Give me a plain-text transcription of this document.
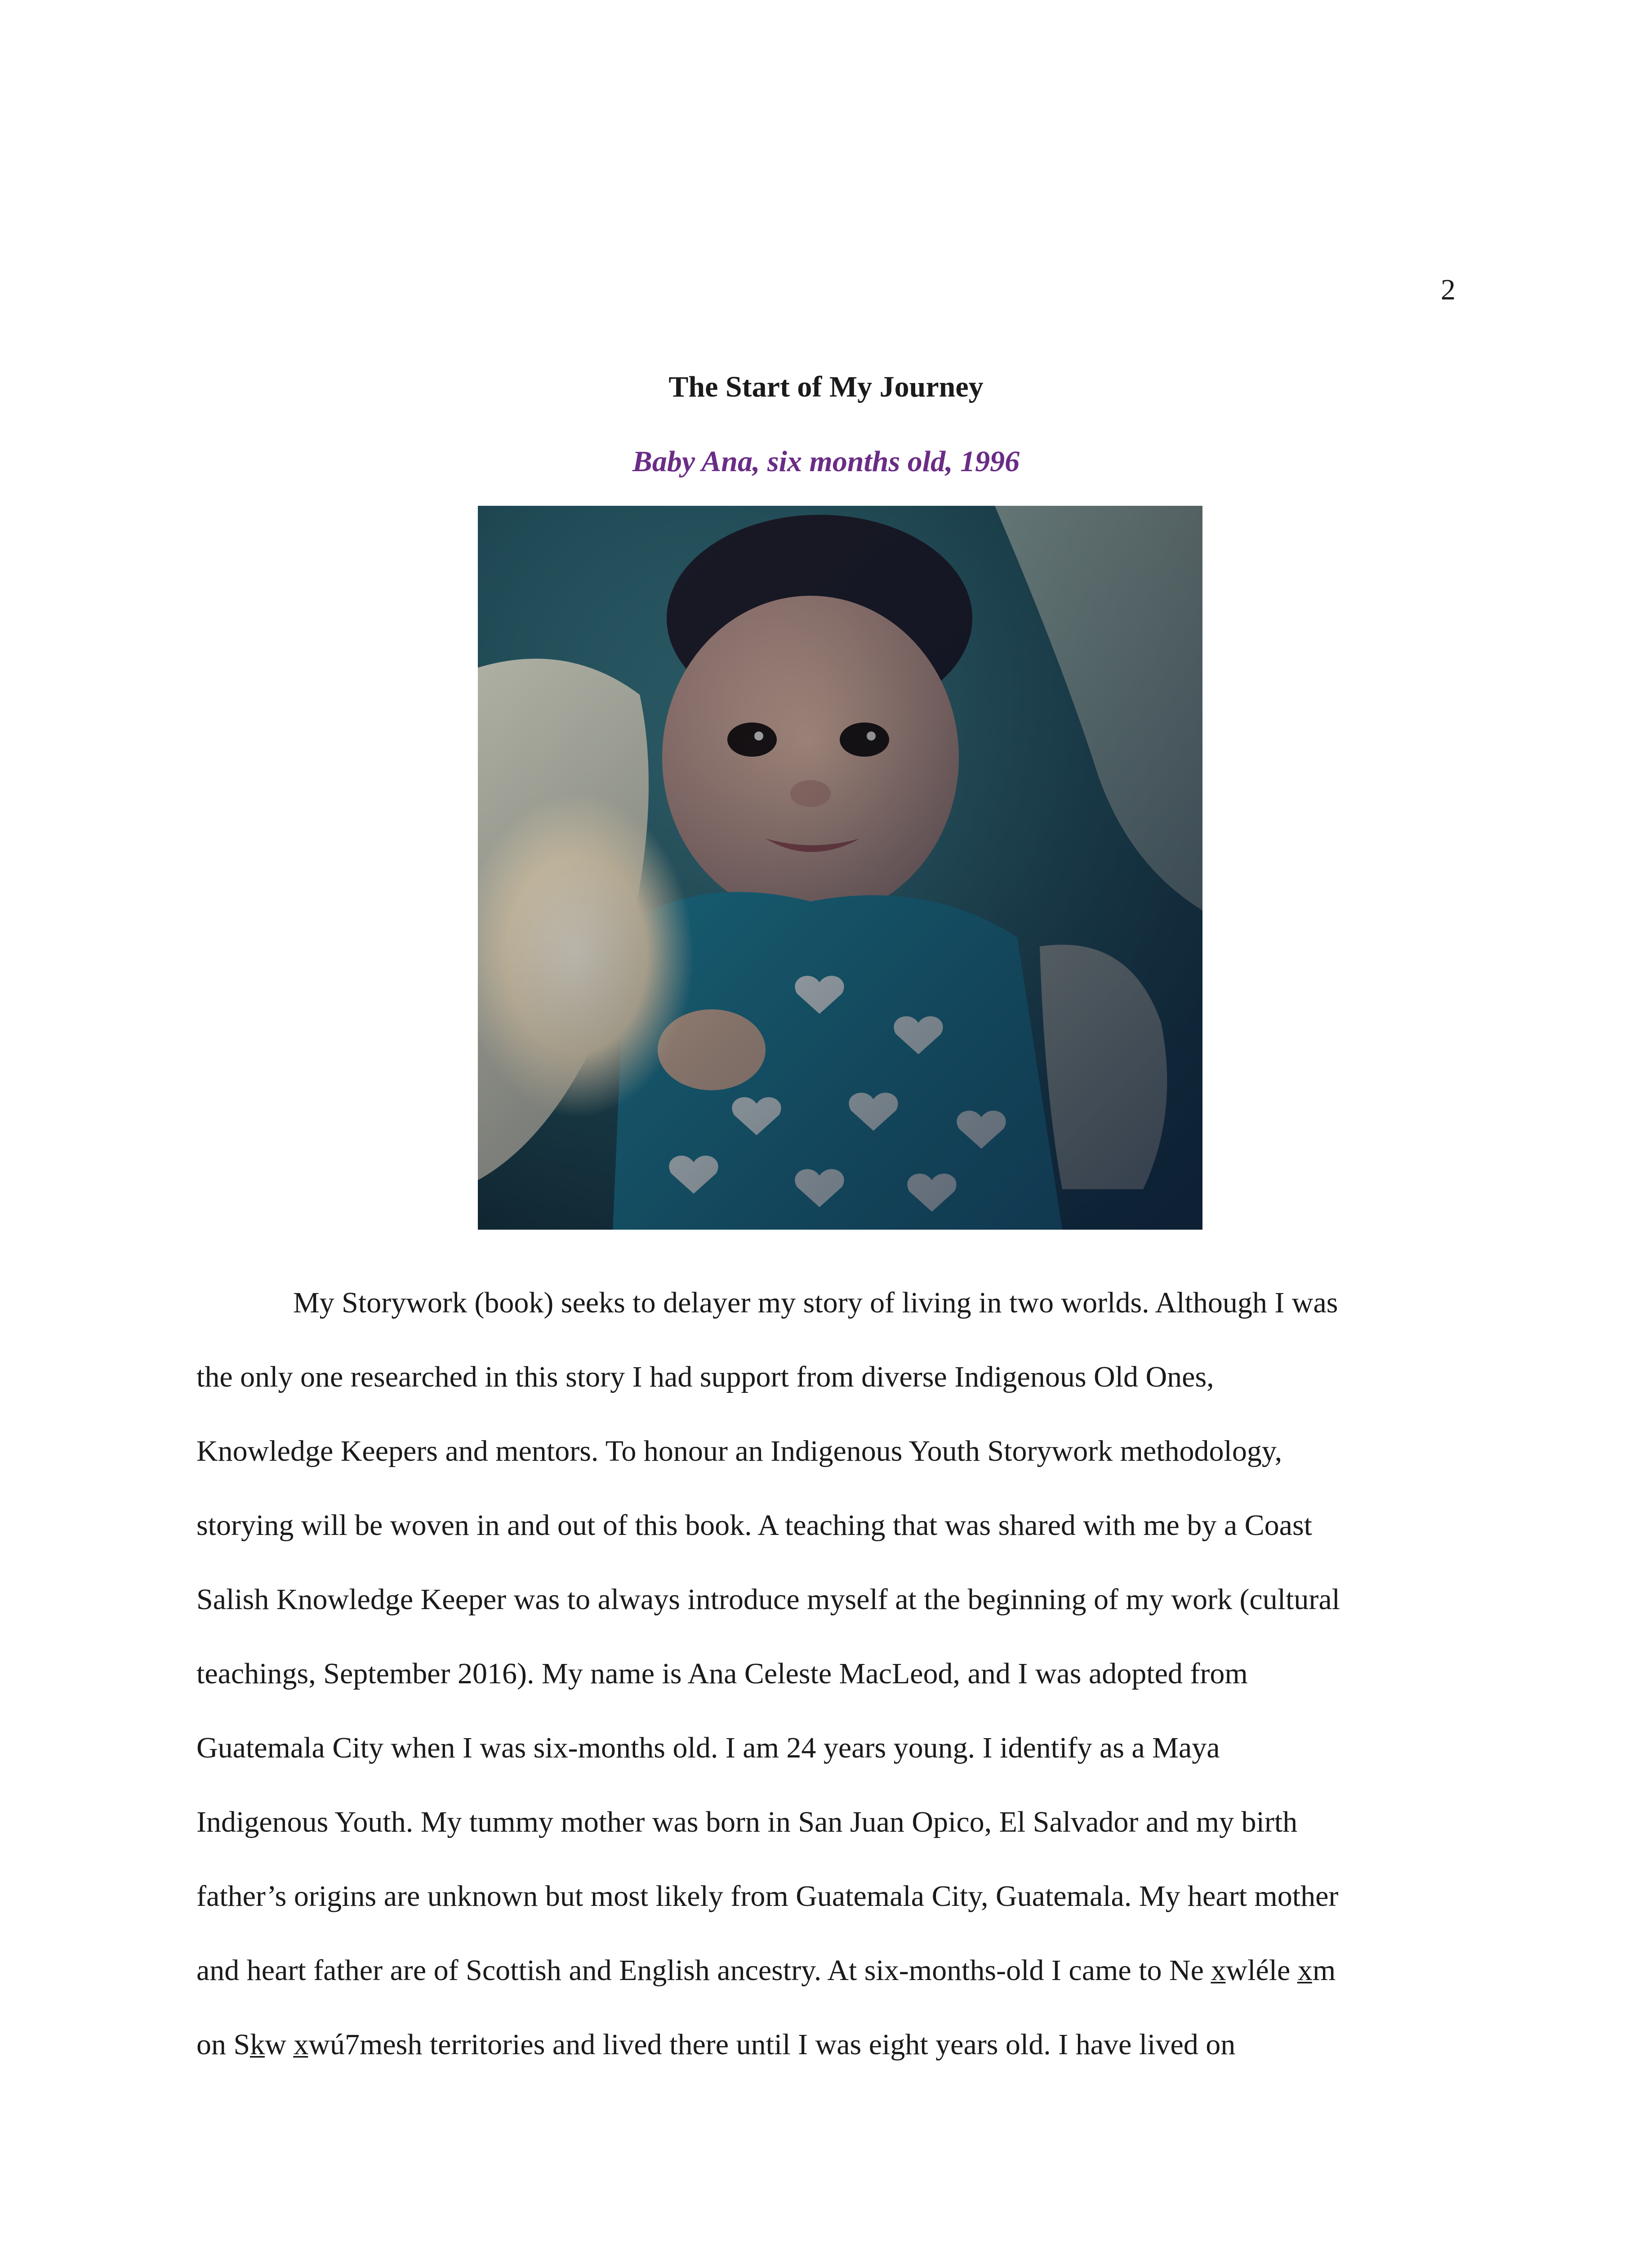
2
The Start of My Journey
Baby Ana, six months old, 1996
My Storywork (book) seeks to delayer my story of living in two worlds. Although I was
the only one researched in this story I had support from diverse Indigenous Old Ones,
Knowledge Keepers and mentors. To honour an Indigenous Youth Storywork methodology,
storying will be woven in and out of this book. A teaching that was shared with me by a Coast
Salish Knowledge Keeper was to always introduce myself at the beginning of my work (cultural
teachings, September 2016). My name is Ana Celeste MacLeod, and I was adopted from
Guatemala City when I was six-months old. I am 24 years young. I identify as a Maya
Indigenous Youth. My tummy mother was born in San Juan Opico, El Salvador and my birth
father’s origins are unknown but most likely from Guatemala City, Guatemala. My heart mother
and heart father are of Scottish and English ancestry. At six-months-old I came to Ne x̲wléle x̲m
on Sk̲w x̲wú7mesh territories and lived there until I was eight years old. I have lived on
